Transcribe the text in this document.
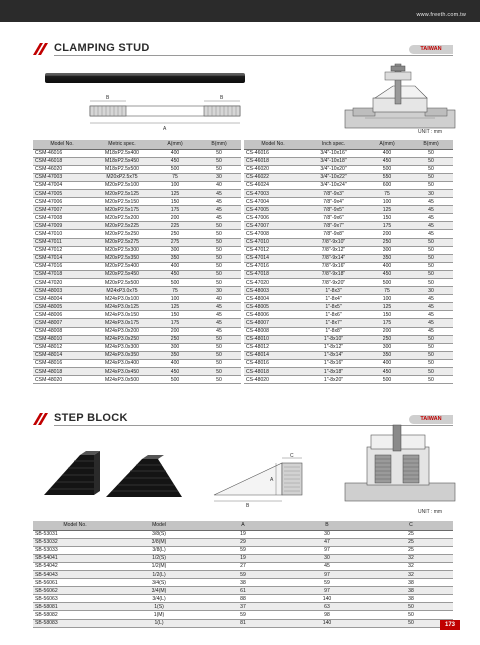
www.freeth.com.tw
CLAMPING STUD	TAIWAN
B	B
A	UNIT : mm
Model No.	Metric spec.	A(mm)	B(mm)
CSM-46016	M18xP2.5x400	400	50
CSM-46018	M18xP2.5x450	450	50
CSM-46020	M18xP2.5x500	500	50
CSM-47003	M20xP2.5x75	75	30
CSM-47004	M20xP2.5x100	100	40
CSM-47005	M20xP2.5x125	125	45
CSM-47006	M20xP2.5x150	150	45
CSM-47007	M20xP2.5x175	175	45
CSM-47008	M20xP2.5x200	200	45
CSM-47009	M20xP2.5x225	225	50
CSM-47010	M20xP2.5x250	250	50
CSM-47011	M20xP2.5x275	275	50
CSM-47012	M20xP2.5x300	300	50
CSM-47014	M20xP2.5x350	350	50
CSM-47016	M20xP2.5x400	400	50
CSM-47018	M20xP2.5x450	450	50
CSM-47020	M20xP2.5x500	500	50
CSM-48003	M24xP3.0x75	75	30
CSM-48004	M24xP3.0x100	100	40
CSM-48005	M24xP3.0x125	125	45
CSM-48006	M24xP3.0x150	150	45
CSM-48007	M24xP3.0x175	175	45
CSM-48008	M24xP3.0x200	200	45
CSM-48010	M24xP3.0x250	250	50
CSM-48012	M24xP3.0x300	300	50
CSM-48014	M24xP3.0x350	350	50
CSM-48016	M24xP3.0x400	400	50
CSM-48018	M24xP3.0x450	450	50
CSM-48020	M24xP3.0x500	500	50
Model No.	Inch spec.	A(mm)	B(mm)
CS-46016	3/4"-10x16"	400	50
CS-46018	3/4"-10x18"	450	50
CS-46020	3/4"-10x20"	500	50
CS-46022	3/4"-10x22"	550	50
CS-46024	3/4"-10x24"	600	50
CS-47003	7/8"-9x3"	75	30
CS-47004	7/8"-9x4"	100	45
CS-47005	7/8"-9x5"	125	45
CS-47006	7/8"-9x6"	150	45
CS-47007	7/8"-9x7"	175	45
CS-47008	7/8"-9x8"	200	45
CS-47010	7/8"-9x10"	250	50
CS-47012	7/8"-9x12"	300	50
CS-47014	7/8"-9x14"	350	50
CS-47016	7/8"-9x16"	400	50
CS-47018	7/8"-9x18"	450	50
CS-47020	7/8"-9x20"	500	50
CS-48003	1"-8x3"	75	30
CS-48004	1"-8x4"	100	45
CS-48005	1"-8x5"	125	45
CS-48006	1"-8x6"	150	45
CS-48007	1"-8x7"	175	45
CS-48008	1"-8x8"	200	45
CS-48010	1"-8x10"	250	50
CS-48012	1"-8x12"	300	50
CS-48014	1"-8x14"	350	50
CS-48016	1"-8x16"	400	50
CS-48018	1"-8x18"	450	50
CS-48020	1"-8x20"	500	50
STEP BLOCK	TAIWAN
B
A
C
UNIT : mm
Model No.	Model	A	B	C
SB-53031	3/8(S)	19	30	25
SB-53032	3/8(M)	29	47	25
SB-53033	3/8(L)	59	97	25
SB-54041	1/2(S)	19	30	32
SB-54042	1/2(M)	27	45	32
SB-54043	1/2(L)	59	97	32
SB-56061	3/4(S)	38	59	38
SB-56062	3/4(M)	61	97	38
SB-56063	3/4(L)	88	140	38
SB-58081	1(S)	37	63	50
SB-58082	1(M)	59	98	50
SB-58083	1(L)	81	140	50	173
